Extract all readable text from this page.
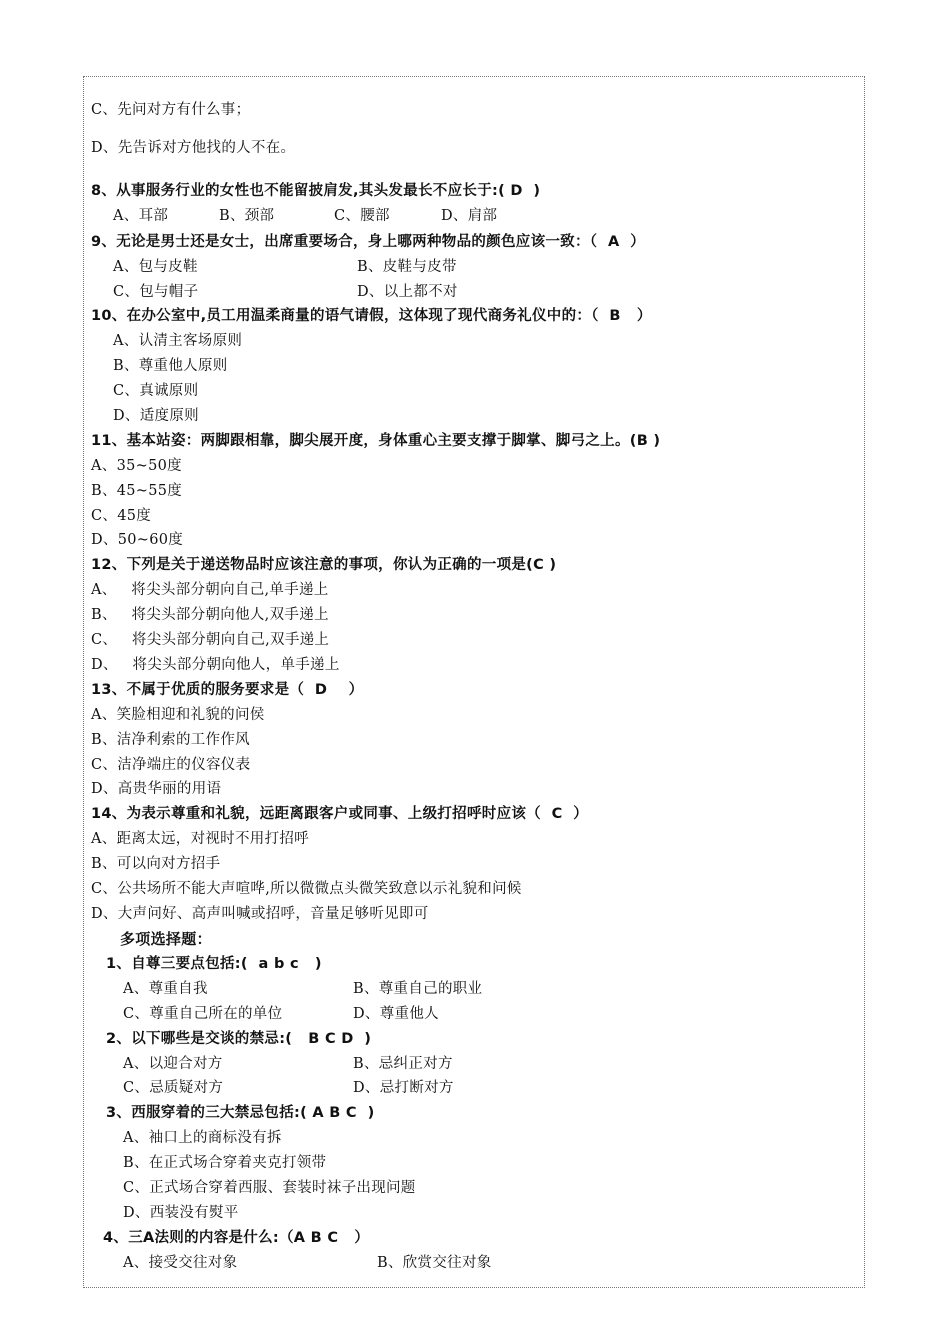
C、先问对方有什么事；
D、先告诉对方他找的人不在。
8、从事服务行业的女性也不能留披肩发,其头发最长不应长于:( D  )
A、耳部	B、颈部	C、腰部	D、肩部
9、无论是男士还是女士，出席重要场合，身上哪两种物品的颜色应该一致：（  A  ）
A、包与皮鞋	B、皮鞋与皮带
C、包与帽子	D、以上都不对
10、在办公室中,员工用温柔商量的语气请假，这体现了现代商务礼仪中的：（  B   ）
A、认清主客场原则
B、尊重他人原则
C、真诚原则
D、适度原则
11、基本站姿：两脚跟相靠，脚尖展开度，身体重心主要支撑于脚掌、脚弓之上。(B )
A、35~50度
B、45~55度
C、45度
D、50~60度
12、下列是关于递送物品时应该注意的事项，你认为正确的一项是(C )
A、   将尖头部分朝向自己,单手递上
B、   将尖头部分朝向他人,双手递上
C、   将尖头部分朝向自己,双手递上
D、   将尖头部分朝向他人，单手递上
13、不属于优质的服务要求是（  D    ）
A、笑脸相迎和礼貌的问侯
B、洁净利索的工作作风
C、洁净端庄的仪容仪表
D、高贵华丽的用语
14、为表示尊重和礼貌，远距离跟客户或同事、上级打招呼时应该（  C  ）
A、距离太远，对视时不用打招呼
B、可以向对方招手
C、公共场所不能大声喧哗,所以微微点头微笑致意以示礼貌和问候
D、大声问好、高声叫喊或招呼，音量足够听见即可
多项选择题：
1、自尊三要点包括:(  a b c   )
A、尊重自我	B、尊重自己的职业
C、尊重自己所在的单位	D、尊重他人
2、以下哪些是交谈的禁忌:(   B C D  )
A、以迎合对方	B、忌纠正对方
C、忌质疑对方	D、忌打断对方
3、西服穿着的三大禁忌包括:( A B C  )
A、袖口上的商标没有拆
B、在正式场合穿着夹克打领带
C、正式场合穿着西服、套装时袜子出现问题
D、西装没有熨平
4、三A法则的内容是什么:（A B C   ）
A、接受交往对象	B、欣赏交往对象
